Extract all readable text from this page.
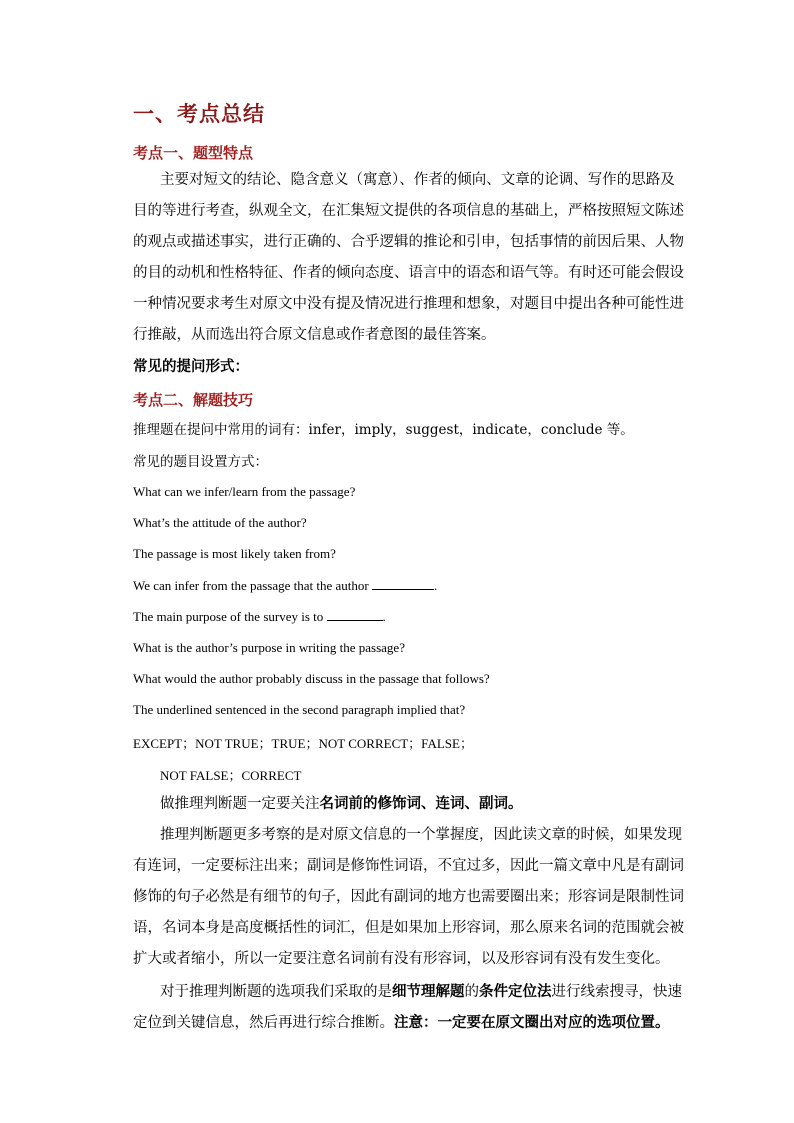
一、考点总结
考点一、题型特点
主要对短文的结论、隐含意义（寓意）、作者的倾向、文章的论调、写作的思路及
目的等进行考查，纵观全文，在汇集短文提供的各项信息的基础上，严格按照短文陈述
的观点或描述事实，进行正确的、合乎逻辑的推论和引申，包括事情的前因后果、人物
的目的动机和性格特征、作者的倾向态度、语言中的语态和语气等。有时还可能会假设
一种情况要求考生对原文中没有提及情况进行推理和想象，对题目中提出各种可能性进
行推敲，从而选出符合原文信息或作者意图的最佳答案。
常见的提问形式：
考点二、解题技巧
推理题在提问中常用的词有：infer，imply，suggest，indicate，conclude 等。
常见的题目设置方式：
What can we infer/learn from the passage?
What’s the attitude of the author?
The passage is most likely taken from?
We can infer from the passage that the author	.
The main purpose of the survey is to	.
What is the author’s purpose in writing the passage?
What would the author probably discuss in the passage that follows?
The underlined sentenced in the second paragraph implied that?
EXCEPT；NOT TRUE；TRUE；NOT CORRECT；FALSE；
NOT FALSE；CORRECT
做推理判断题一定要关注名词前的修饰词、连词、副词。
推理判断题更多考察的是对原文信息的一个掌握度，因此读文章的时候，如果发现
有连词，一定要标注出来；副词是修饰性词语，不宜过多，因此一篇文章中凡是有副词
修饰的句子必然是有细节的句子，因此有副词的地方也需要圈出来；形容词是限制性词
语，名词本身是高度概括性的词汇，但是如果加上形容词，那么原来名词的范围就会被
扩大或者缩小，所以一定要注意名词前有没有形容词，以及形容词有没有发生变化。
对于推理判断题的选项我们采取的是细节理解题的条件定位法进行线索搜寻，快速
定位到关键信息，然后再进行综合推断。注意：一定要在原文圈出对应的选项位置。
